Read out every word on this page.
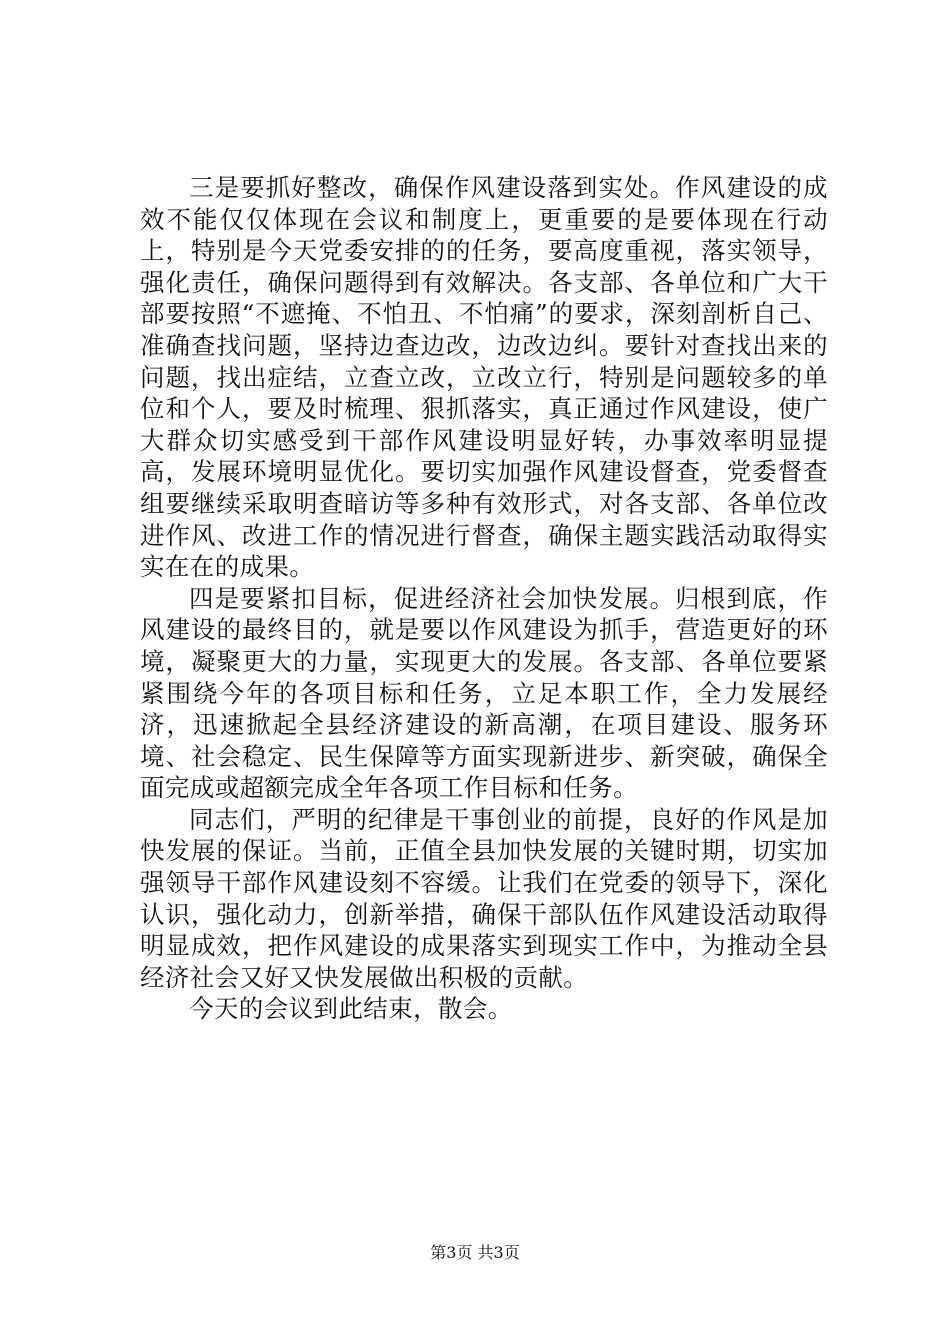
三是要抓好整改，确保作风建设落到实处。作风建设的成效不能仅仅体现在会议和制度上，更重要的是要体现在行动上，特别是今天党委安排的的任务，要高度重视，落实领导，强化责任，确保问题得到有效解决。各支部、各单位和广大干部要按照“不遮掩、不怕丑、不怕痛”的要求，深刻剖析自己、准确查找问题，坚持边查边改，边改边纠。要针对查找出来的问题，找出症结，立查立改，立改立行，特别是问题较多的单位和个人，要及时梳理、狠抓落实，真正通过作风建设，使广大群众切实感受到干部作风建设明显好转，办事效率明显提高，发展环境明显优化。要切实加强作风建设督查，党委督查组要继续采取明查暗访等多种有效形式，对各支部、各单位改进作风、改进工作的情况进行督查，确保主题实践活动取得实实在在的成果。

四是要紧扣目标，促进经济社会加快发展。归根到底，作风建设的最终目的，就是要以作风建设为抓手，营造更好的环境，凝聚更大的力量，实现更大的发展。各支部、各单位要紧紧围绕今年的各项目标和任务，立足本职工作，全力发展经济，迅速掀起全县经济建设的新高潮，在项目建设、服务环境、社会稳定、民生保障等方面实现新进步、新突破，确保全面完成或超额完成全年各项工作目标和任务。

同志们，严明的纪律是干事创业的前提，良好的作风是加快发展的保证。当前，正值全县加快发展的关键时期，切实加强领导干部作风建设刻不容缓。让我们在党委的领导下，深化认识，强化动力，创新举措，确保干部队伍作风建设活动取得明显成效，把作风建设的成果落实到现实工作中，为推动全县经济社会又好又快发展做出积极的贡献。

今天的会议到此结束，散会。

第3页 共3页
